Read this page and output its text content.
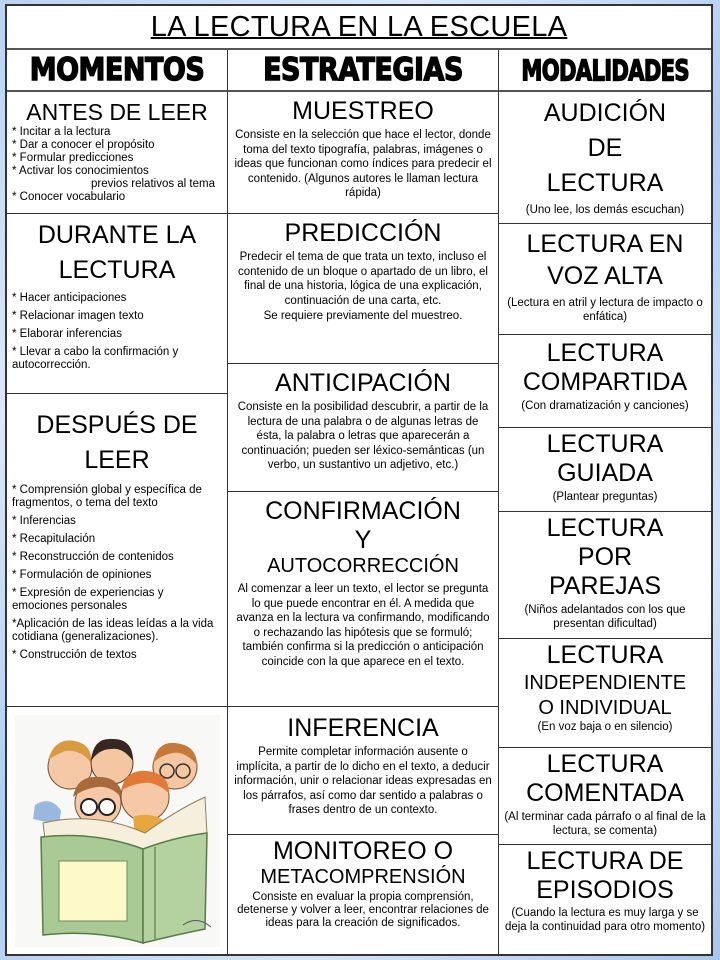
LA LECTURA EN LA ESCUELA
MOMENTOS	ESTRATEGIAS	MODALIDADES
ANTES DE LEER
* Incitar a la lectura
* Dar a conocer el propósito
* Formular predicciones
* Activar los conocimientos
previos relativos al tema
* Conocer vocabulario
DURANTE LA
LECTURA
* Hacer anticipaciones
* Relacionar imagen texto
* Elaborar inferencias
* Llevar a cabo la confirmación y autocorrección.
DESPUÉS DE
LEER
* Comprensión global y específica de fragmentos, o tema del texto
* Inferencias
* Recapitulación
* Reconstrucción de contenidos
* Formulación de opiniones
* Expresión de experiencias y emociones personales
*Aplicación de las ideas leídas a la vida cotidiana (generalizaciones).
* Construcción de textos
MUESTREO
Consiste en la selección que hace el lector, donde toma del texto tipografía, palabras, imágenes o ideas que funcionan como índices para predecir el contenido. (Algunos autores le llaman lectura rápida)
PREDICCIÓN
Predecir el tema de que trata un texto, incluso el contenido de un bloque o apartado de un libro, el final de una historia, lógica de una explicación, continuación de una carta, etc.
Se requiere previamente del muestreo.
ANTICIPACIÓN
Consiste en la posibilidad descubrir, a partir de la lectura de una palabra o de algunas letras de ésta, la palabra o letras que aparecerán a continuación; pueden ser léxico-semánticas (un verbo, un sustantivo un adjetivo, etc.)
CONFIRMACIÓN
Y
AUTOCORRECCIÓN
Al comenzar a leer un texto, el lector se pregunta lo que puede encontrar en él. A medida que avanza en la lectura va confirmando, modificando o rechazando las hipótesis que se formuló; también confirma si la predicción o anticipación coincide con la que aparece en el texto.
INFERENCIA
Permite completar información ausente o implícita, a partir de lo dicho en el texto, a deducir información, unir o relacionar ideas expresadas en los párrafos, así como dar sentido a palabras o frases dentro de un contexto.
MONITOREO O
METACOMPRENSIÓN
Consiste en evaluar la propia comprensión, detenerse y volver a leer, encontrar relaciones de ideas para la creación de significados.
AUDICIÓN
DE
LECTURA
(Uno lee, los demás escuchan)
LECTURA EN
VOZ ALTA
(Lectura en atril y lectura de impacto o enfática)
LECTURA
COMPARTIDA
(Con dramatización y canciones)
LECTURA
GUIADA
(Plantear preguntas)
LECTURA
POR
PAREJAS
(Niños adelantados con los que presentan dificultad)
LECTURA
INDEPENDIENTE
O INDIVIDUAL
(En voz baja o en silencio)
LECTURA
COMENTADA
(Al terminar cada párrafo o al final de la lectura, se comenta)
LECTURA DE
EPISODIOS
(Cuando la lectura es muy larga y se deja la continuidad para otro momento)
